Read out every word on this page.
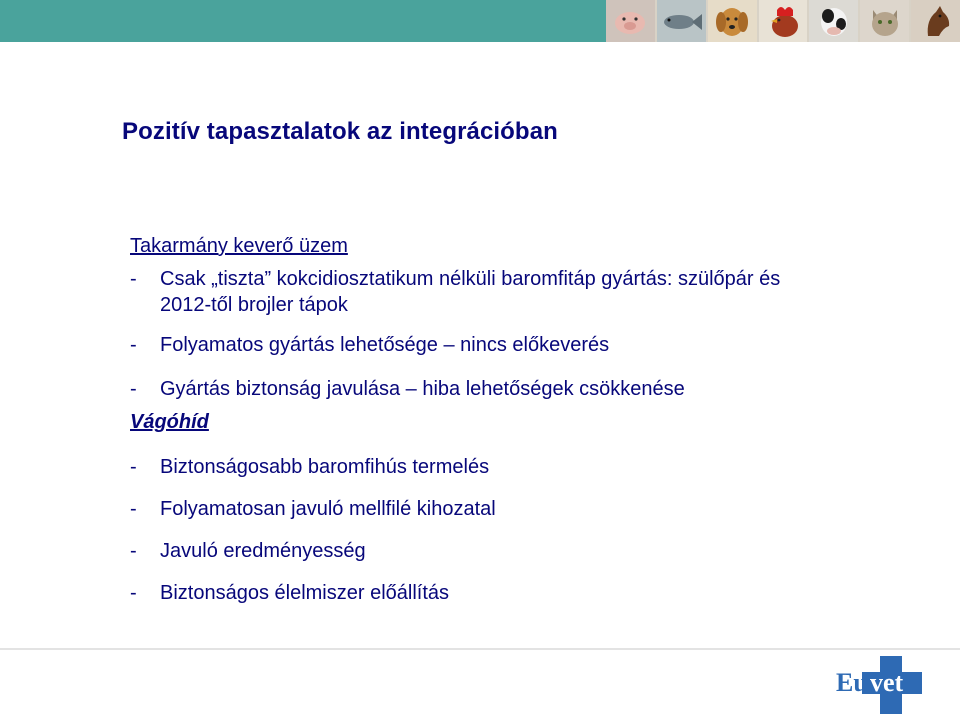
Pozitív tapasztalatok az integrációban

Takarmány keverő üzem

-	Csak „tiszta” kokcidiosztatikum nélküli baromfitáp gyártás: szülőpár és 2012-től brojler tápok
-	Folyamatos gyártás lehetősége – nincs előkeverés
-	Gyártás biztonság javulása – hiba lehetőségek csökkenése

Vágóhíd

-	Biztonságosabb baromfihús termelés
-	Folyamatosan javuló mellfilé kihozatal
-	Javuló eredményesség
-	Biztonságos élelmiszer előállítás
Eu vet
